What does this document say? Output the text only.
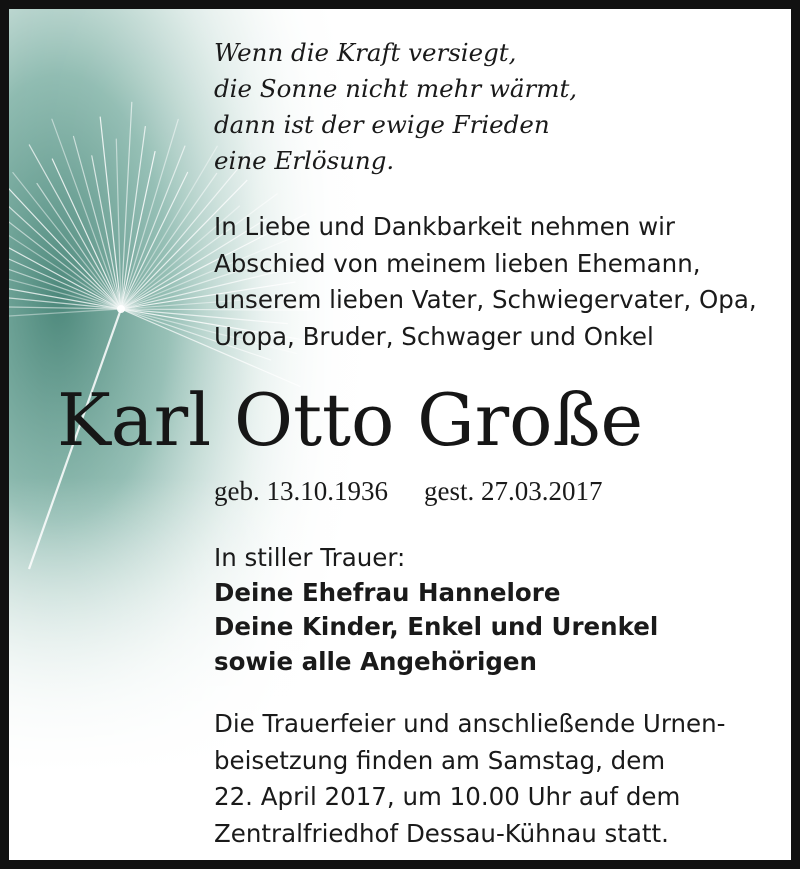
Wenn die Kraft versiegt,
die Sonne nicht mehr wärmt,
dann ist der ewige Frieden
eine Erlösung.
In Liebe und Dankbarkeit nehmen wir
Abschied von meinem lieben Ehemann,
unserem lieben Vater, Schwiegervater, Opa,
Uropa, Bruder, Schwager und Onkel
Karl Otto Große
geb. 13.10.1936 gest. 27.03.2017
In stiller Trauer:
Deine Ehefrau Hannelore
Deine Kinder, Enkel und Urenkel
sowie alle Angehörigen
Die Trauerfeier und anschließende Urnen-
beisetzung finden am Samstag, dem
22. April 2017, um 10.00 Uhr auf dem
Zentralfriedhof Dessau-Kühnau statt.
